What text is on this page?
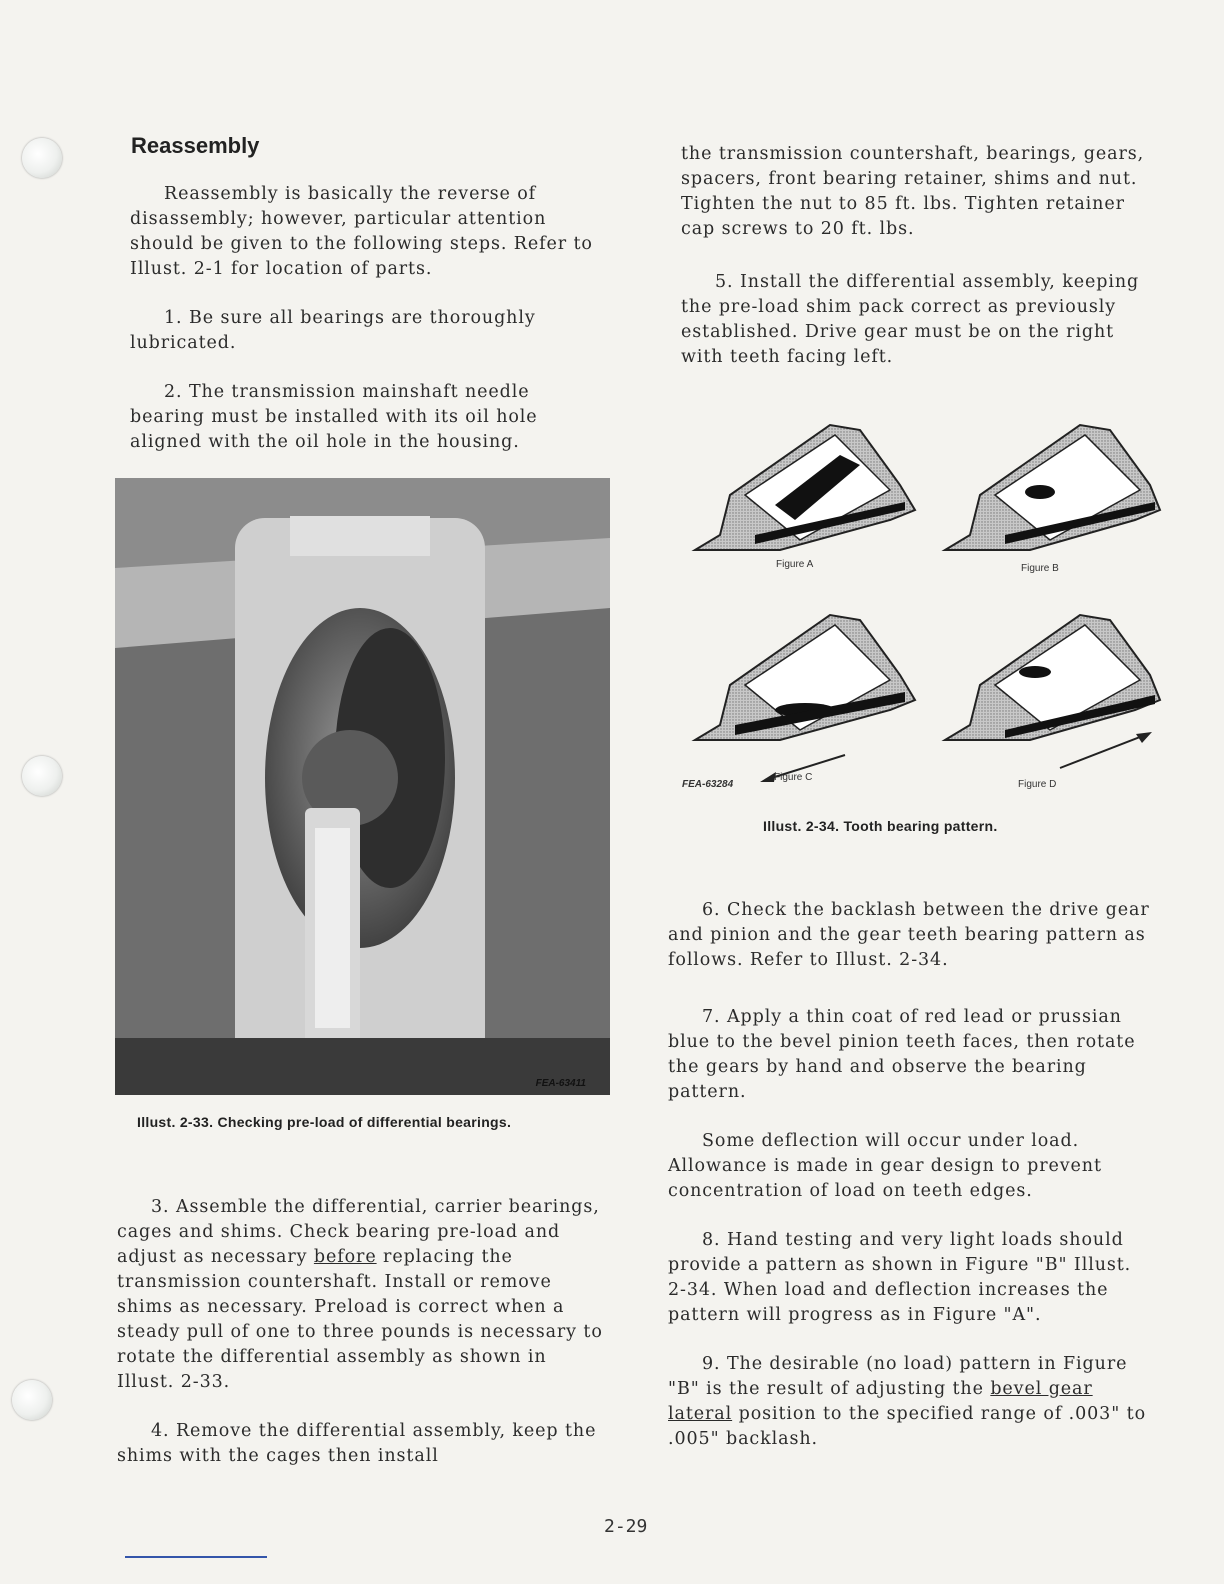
Reassembly

Reassembly is basically the reverse of disassembly; however, particular attention should be given to the following steps. Refer to Illust. 2-1 for location of parts.

1. Be sure all bearings are thoroughly lubricated.

2. The transmission mainshaft needle bearing must be installed with its oil hole aligned with the oil hole in the housing.

FEA-63411
Illust. 2-33. Checking pre-load of differential bearings.

3. Assemble the differential, carrier bearings, cages and shims. Check bearing pre-load and adjust as necessary before replacing the transmission countershaft. Install or remove shims as necessary. Preload is correct when a steady pull of one to three pounds is necessary to rotate the differential assembly as shown in Illust. 2-33.

4. Remove the differential assembly, keep the shims with the cages then install

the transmission countershaft, bearings, gears, spacers, front bearing retainer, shims and nut. Tighten the nut to 85 ft. lbs. Tighten retainer cap screws to 20 ft. lbs.

5. Install the differential assembly, keeping the pre-load shim pack correct as previously established. Drive gear must be on the right with teeth facing left.

Figure A	Figure B
FEA-63284
Figure C
Figure D
Illust. 2-34. Tooth bearing pattern.

6. Check the backlash between the drive gear and pinion and the gear teeth bearing pattern as follows. Refer to Illust. 2-34.

7. Apply a thin coat of red lead or prussian blue to the bevel pinion teeth faces, then rotate the gears by hand and observe the bearing pattern.

Some deflection will occur under load. Allowance is made in gear design to prevent concentration of load on teeth edges.

8. Hand testing and very light loads should provide a pattern as shown in Figure "B" Illust. 2-34. When load and deflection increases the pattern will progress as in Figure "A".

9. The desirable (no load) pattern in Figure "B" is the result of adjusting the bevel gear lateral position to the specified range of .003" to .005" backlash.

2-29
